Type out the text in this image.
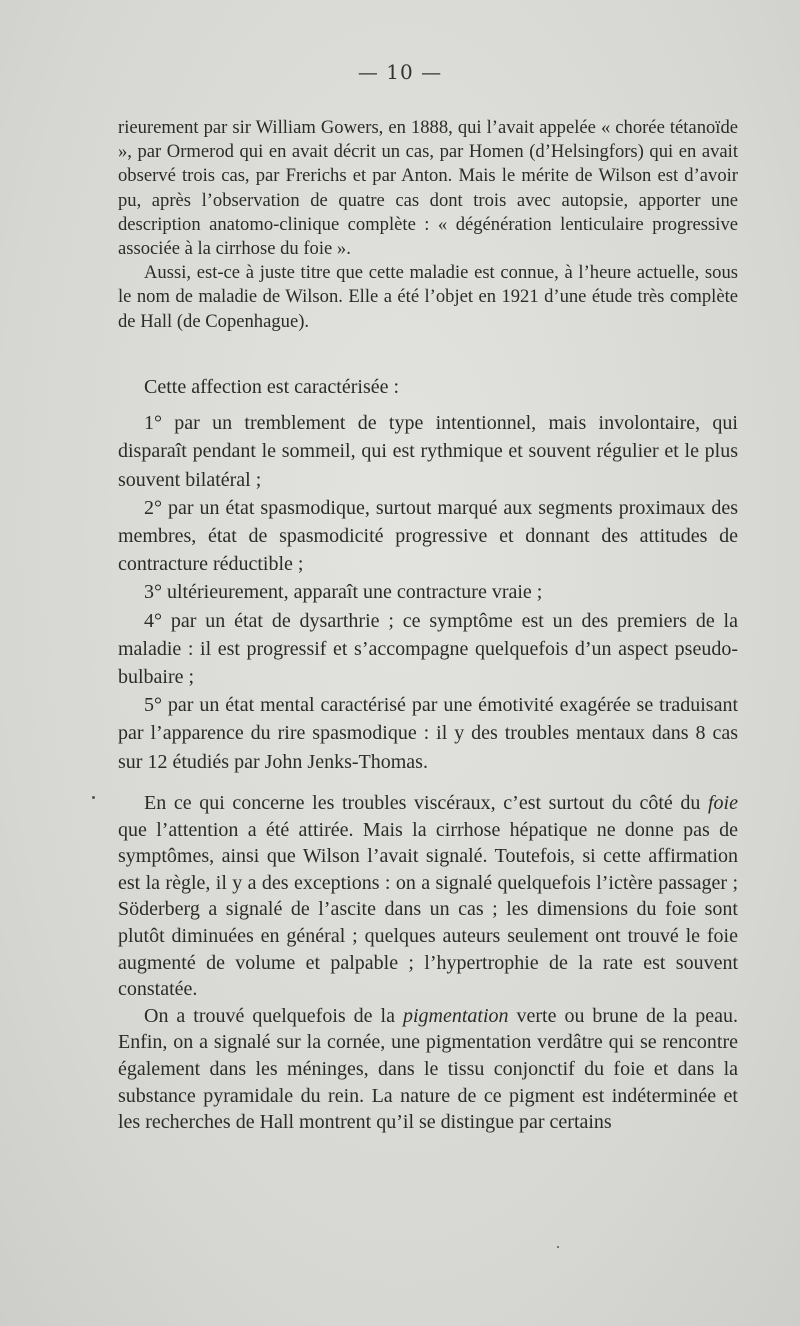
— 10 —

rieurement par sir William Gowers, en 1888, qui l’avait appelée « chorée tétanoïde », par Ormerod qui en avait décrit un cas, par Homen (d’Helsingfors) qui en avait observé trois cas, par Frerichs et par Anton. Mais le mérite de Wilson est d’avoir pu, après l’observation de quatre cas dont trois avec autopsie, apporter une description anatomo-clinique complète : « dégénération lenticulaire progressive associée à la cirrhose du foie ».

Aussi, est-ce à juste titre que cette maladie est connue, à l’heure actuelle, sous le nom de maladie de Wilson. Elle a été l’objet en 1921 d’une étude très complète de Hall (de Copenhague).

Cette affection est caractérisée :

1° par un tremblement de type intentionnel, mais involontaire, qui disparaît pendant le sommeil, qui est rythmique et souvent régulier et le plus souvent bilatéral ;

2° par un état spasmodique, surtout marqué aux segments proximaux des membres, état de spasmodicité progressive et donnant des attitudes de contracture réductible ;

3° ultérieurement, apparaît une contracture vraie ;

4° par un état de dysarthrie ; ce symptôme est un des premiers de la maladie : il est progressif et s’accompagne quelquefois d’un aspect pseudo-bulbaire ;

5° par un état mental caractérisé par une émotivité exagérée se traduisant par l’apparence du rire spasmodique : il y des troubles mentaux dans 8 cas sur 12 étudiés par John Jenks-Thomas.

En ce qui concerne les troubles viscéraux, c’est surtout du côté du foie que l’attention a été attirée. Mais la cirrhose hépatique ne donne pas de symptômes, ainsi que Wilson l’avait signalé. Toutefois, si cette affirmation est la règle, il y a des exceptions : on a signalé quelquefois l’ictère passager ; Söderberg a signalé de l’ascite dans un cas ; les dimensions du foie sont plutôt diminuées en général ; quelques auteurs seulement ont trouvé le foie augmenté de volume et palpable ; l’hypertrophie de la rate est souvent constatée.

On a trouvé quelquefois de la pigmentation verte ou brune de la peau. Enfin, on a signalé sur la cornée, une pigmentation verdâtre qui se rencontre également dans les méninges, dans le tissu conjonctif du foie et dans la substance pyramidale du rein. La nature de ce pigment est indéterminée et les recherches de Hall montrent qu’il se distingue par certains
